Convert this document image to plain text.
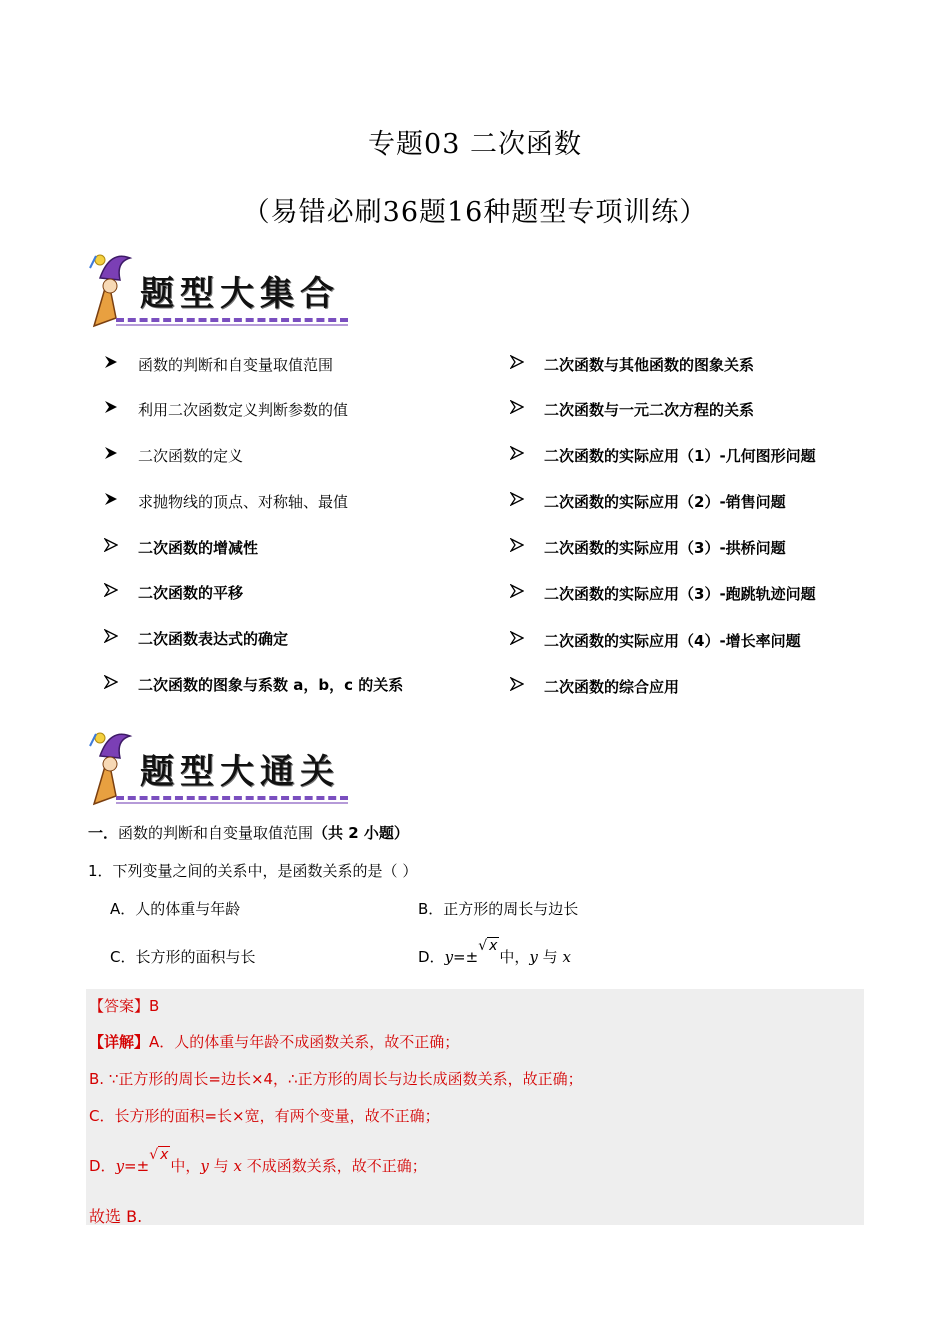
专题03 二次函数
（易错必刷36题16种题型专项训练）
题型大集合
函数的判断和自变量取值范围
利用二次函数定义判断参数的值
二次函数的定义
求抛物线的顶点、对称轴、最值
二次函数的增减性
二次函数的平移
二次函数表达式的确定
二次函数的图象与系数 a，b，c 的关系
二次函数与其他函数的图象关系
二次函数与一元二次方程的关系
二次函数的实际应用（1）-几何图形问题
二次函数的实际应用（2）-销售问题
二次函数的实际应用（3）-拱桥问题
二次函数的实际应用（3）-跑跳轨迹问题
二次函数的实际应用（4）-增长率问题
二次函数的综合应用
题型大通关
一．函数的判断和自变量取值范围（共 2 小题）
1．下列变量之间的关系中，是函数关系的是（ ）
A．人的体重与年龄	B．正方形的周长与边长
C．长方形的面积与长	D．y=±√ x中，y 与 x
【答案】B
【详解】A．人的体重与年龄不成函数关系，故不正确；
B. ∵正方形的周长=边长×4，∴正方形的周长与边长成函数关系，故正确；
C．长方形的面积=长×宽，有两个变量，故不正确；
D．y=±√ x中，y 与 x 不成函数关系，故不正确；
故选 B.
